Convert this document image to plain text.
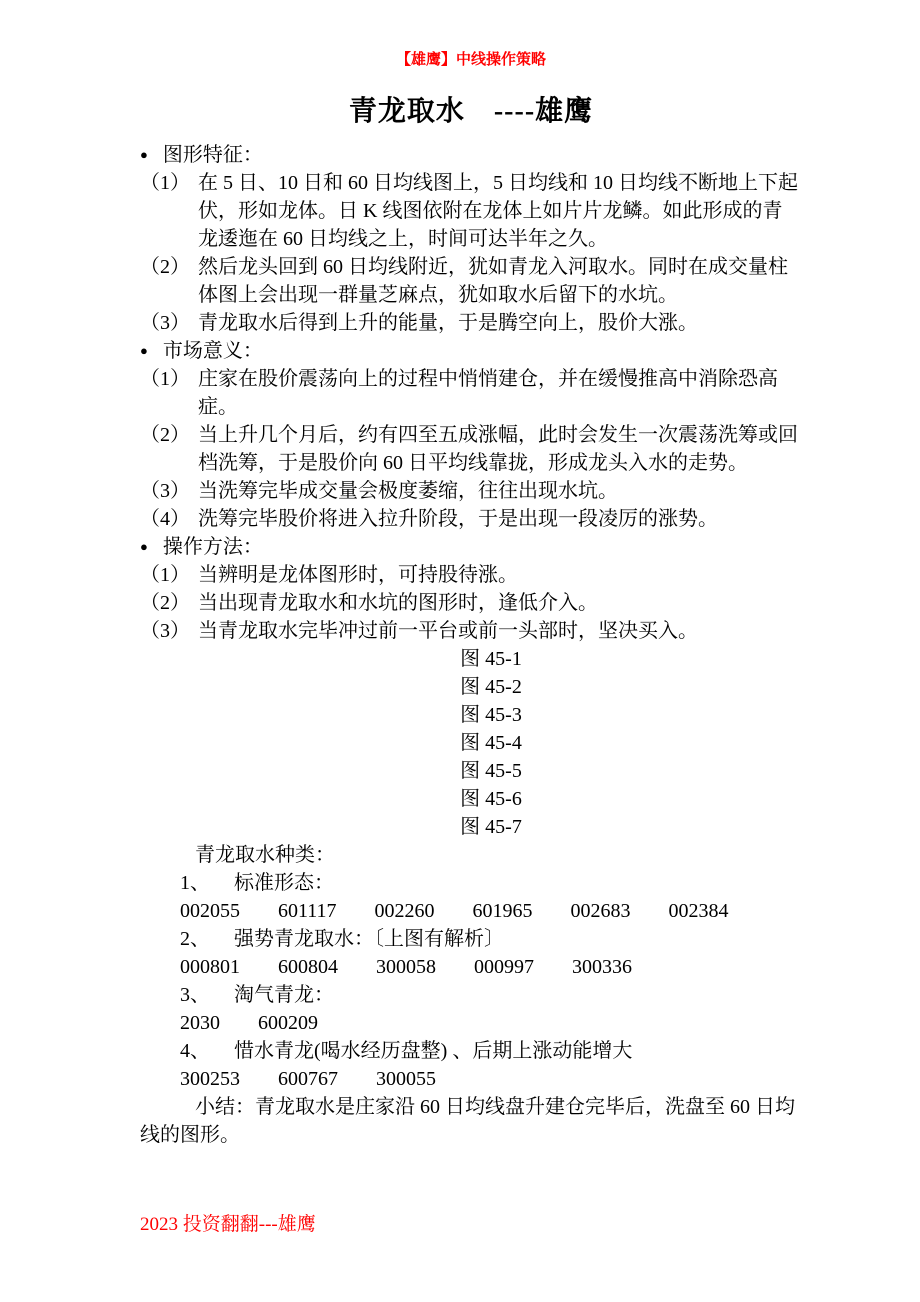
【雄鹰】中线操作策略
青龙取水　----雄鹰
● 图形特征：
（1） 在 5 日、10 日和 60 日均线图上，5 日均线和 10 日均线不断地上下起伏，形如龙体。日 K 线图依附在龙体上如片片龙鳞。如此形成的青龙逶迤在 60 日均线之上，时间可达半年之久。
（2） 然后龙头回到 60 日均线附近，犹如青龙入河取水。同时在成交量柱体图上会出现一群量芝麻点，犹如取水后留下的水坑。
（3） 青龙取水后得到上升的能量，于是腾空向上，股价大涨。
● 市场意义：
（1） 庄家在股价震荡向上的过程中悄悄建仓，并在缓慢推高中消除恐高症。
（2） 当上升几个月后，约有四至五成涨幅，此时会发生一次震荡洗筹或回档洗筹，于是股价向 60 日平均线靠拢，形成龙头入水的走势。
（3） 当洗筹完毕成交量会极度萎缩，往往出现水坑。
（4） 洗筹完毕股价将进入拉升阶段，于是出现一段凌厉的涨势。
● 操作方法：
（1） 当辨明是龙体图形时，可持股待涨。
（2） 当出现青龙取水和水坑的图形时，逢低介入。
（3） 当青龙取水完毕冲过前一平台或前一头部时，坚决买入。
图 45-1
图 45-2
图 45-3
图 45-4
图 45-5
图 45-6
图 45-7
青龙取水种类：
1、 标准形态：
002055 601117 002260 601965 002683 002384
2、 强势青龙取水：〔上图有解析〕
000801 600804 300058 000997 300336
3、 淘气青龙：
2030 600209
4、 惜水青龙(喝水经历盘整) 、后期上涨动能增大
300253 600767 300055
小结：青龙取水是庄家沿 60 日均线盘升建仓完毕后，洗盘至 60 日均线的图形。
2023 投资翻翻---雄鹰
